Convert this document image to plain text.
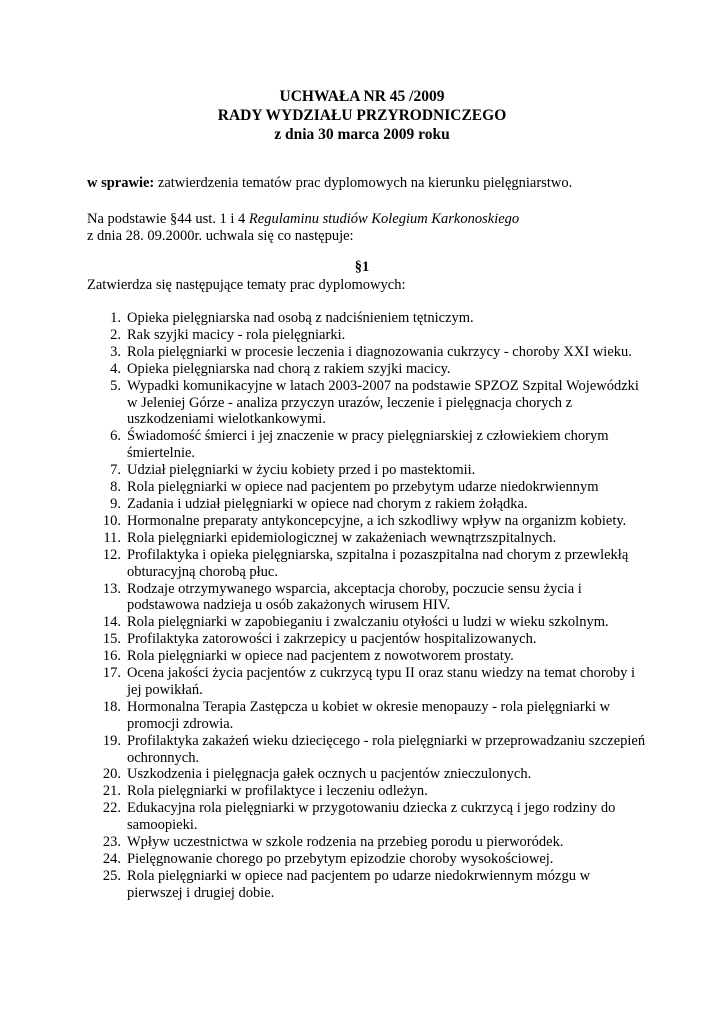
UCHWAŁA NR 45 /2009
RADY WYDZIAŁU PRZYRODNICZEGO
z dnia 30 marca 2009 roku
w sprawie: zatwierdzenia tematów prac dyplomowych na kierunku pielęgniarstwo.
Na podstawie §44 ust. 1 i 4 Regulaminu studiów Kolegium Karkonoskiego
z dnia 28. 09.2000r. uchwala się co następuje:
§1
Zatwierdza się następujące tematy prac dyplomowych:
1. Opieka pielęgniarska nad osobą z nadciśnieniem tętniczym.
2. Rak szyjki macicy - rola pielęgniarki.
3. Rola pielęgniarki w procesie leczenia i diagnozowania cukrzycy - choroby XXI wieku.
4. Opieka pielęgniarska nad chorą z rakiem szyjki macicy.
5. Wypadki komunikacyjne w latach 2003-2007 na podstawie SPZOZ Szpital Wojewódzki w Jeleniej Górze - analiza przyczyn urazów, leczenie i pielęgnacja chorych z uszkodzeniami wielotkankowymi.
6. Świadomość śmierci i jej znaczenie w pracy pielęgniarskiej z człowiekiem chorym śmiertelnie.
7. Udział pielęgniarki w życiu kobiety przed i po mastektomii.
8. Rola pielęgniarki w opiece nad pacjentem po przebytym udarze niedokrwiennym
9. Zadania i udział pielęgniarki w opiece nad chorym z rakiem żołądka.
10. Hormonalne preparaty antykoncepcyjne, a ich szkodliwy wpływ na organizm kobiety.
11. Rola pielęgniarki epidemiologicznej w zakażeniach wewnątrzszpitalnych.
12. Profilaktyka i opieka pielęgniarska, szpitalna i pozaszpitalna nad chorym z przewlekłą obturacyjną chorobą płuc.
13. Rodzaje otrzymywanego wsparcia, akceptacja choroby, poczucie sensu życia i podstawowa nadzieja u osób zakażonych wirusem HIV.
14. Rola pielęgniarki w zapobieganiu i zwalczaniu otyłości u ludzi w wieku szkolnym.
15. Profilaktyka zatorowości i zakrzepicy u pacjentów hospitalizowanych.
16. Rola pielęgniarki w opiece nad pacjentem z nowotworem prostaty.
17. Ocena jakości życia pacjentów z cukrzycą typu II oraz stanu wiedzy na temat choroby i jej powikłań.
18. Hormonalna Terapia Zastępcza u kobiet w okresie menopauzy - rola pielęgniarki w promocji zdrowia.
19. Profilaktyka zakażeń wieku dziecięcego - rola pielęgniarki w przeprowadzaniu szczepień ochronnych.
20. Uszkodzenia i pielęgnacja gałek ocznych u pacjentów znieczulonych.
21. Rola pielęgniarki w profilaktyce i leczeniu odleżyn.
22. Edukacyjna rola pielęgniarki w przygotowaniu dziecka z cukrzycą i jego rodziny do samoopieki.
23. Wpływ uczestnictwa w szkole rodzenia na przebieg porodu u pierworódek.
24. Pielęgnowanie chorego po przebytym epizodzie choroby wysokościowej.
25. Rola pielęgniarki w opiece nad pacjentem po udarze niedokrwiennym mózgu w pierwszej i drugiej dobie.
